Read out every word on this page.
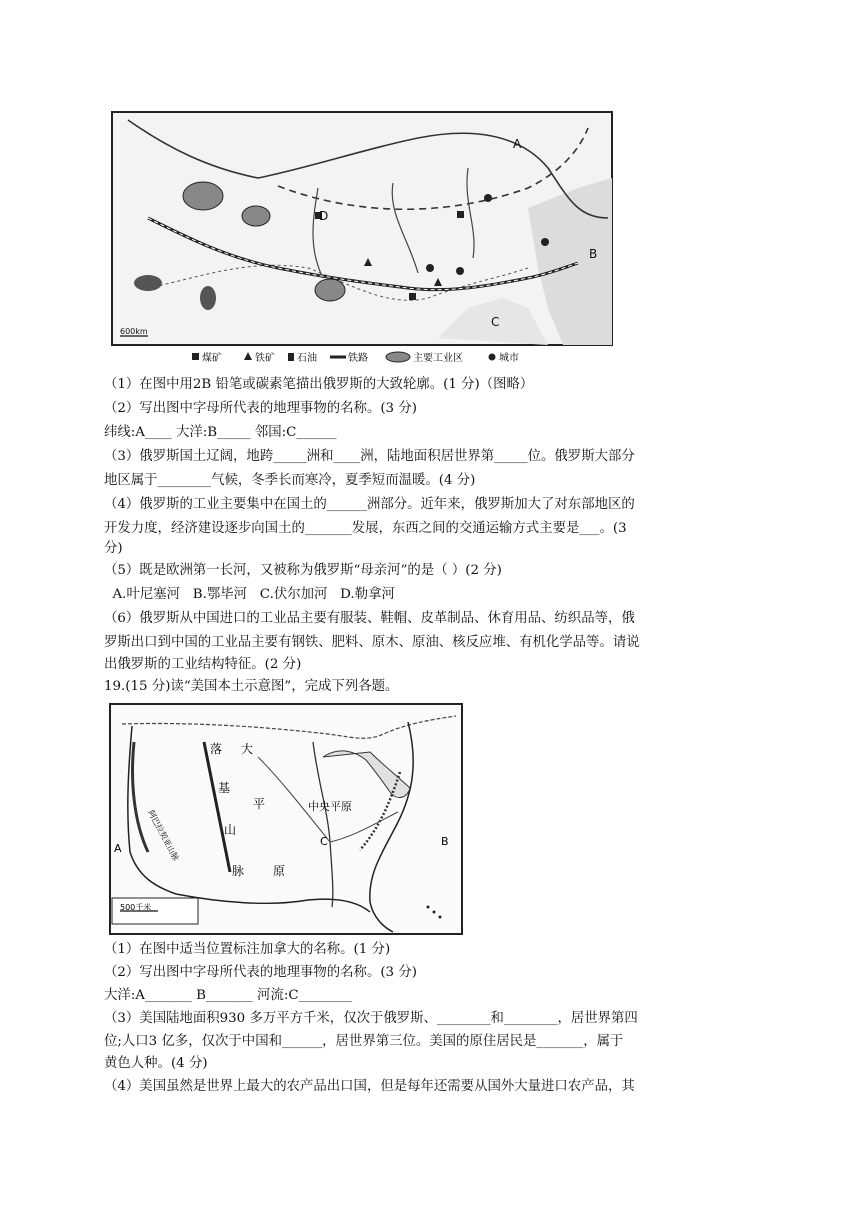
A
B
C
D
600km
煤矿	铁矿 石油	铁路	主要工业区	城市
（1）在图中用2B 铅笔或碳素笔描出俄罗斯的大致轮廓。(1 分)（图略）
（2）写出图中字母所代表的地理事物的名称。(3 分)
纬线:A____ 大洋:B_____ 邻国:C______
（3）俄罗斯国土辽阔，地跨_____洲和____洲，陆地面积居世界第_____位。俄罗斯大部分
地区属于________气候，冬季长而寒冷，夏季短而温暖。(4 分)
（4）俄罗斯的工业主要集中在国土的______洲部分。近年来，俄罗斯加大了对东部地区的
开发力度，经济建设逐步向国土的_______发展，东西之间的交通运输方式主要是___。(3
分)
（5）既是欧洲第一长河，又被称为俄罗斯“母亲河”的是（ ）(2 分)
A.叶尼塞河   B.鄂毕河   C.伏尔加河   D.勒拿河
（6）俄罗斯从中国进口的工业品主要有服装、鞋帽、皮革制品、休育用品、纺织品等，俄
罗斯出口到中国的工业品主要有钢铁、肥料、原木、原油、核反应堆、有机化学品等。请说
出俄罗斯的工业结构特征。(2 分)
19.(15 分)读“美国本土示意图”，完成下列各题。
A
B
C
落
基
山
脉
大
平
原
中央平原
阿巴拉契亚山脉
500千米
（1）在图中适当位置标注加拿大的名称。(1 分)
（2）写出图中字母所代表的地理事物的名称。(3 分)
大洋:A_______ B_______ 河流:C________
（3）美国陆地面积930 多万平方千米，仅次于俄罗斯、________和________，居世界第四
位;人口3 亿多，仅次于中国和______，居世界第三位。美国的原住居民是_______，属于
黄色人种。(4 分)
（4）美国虽然是世界上最大的农产品出口国，但是每年还需要从国外大量进口农产品，其
